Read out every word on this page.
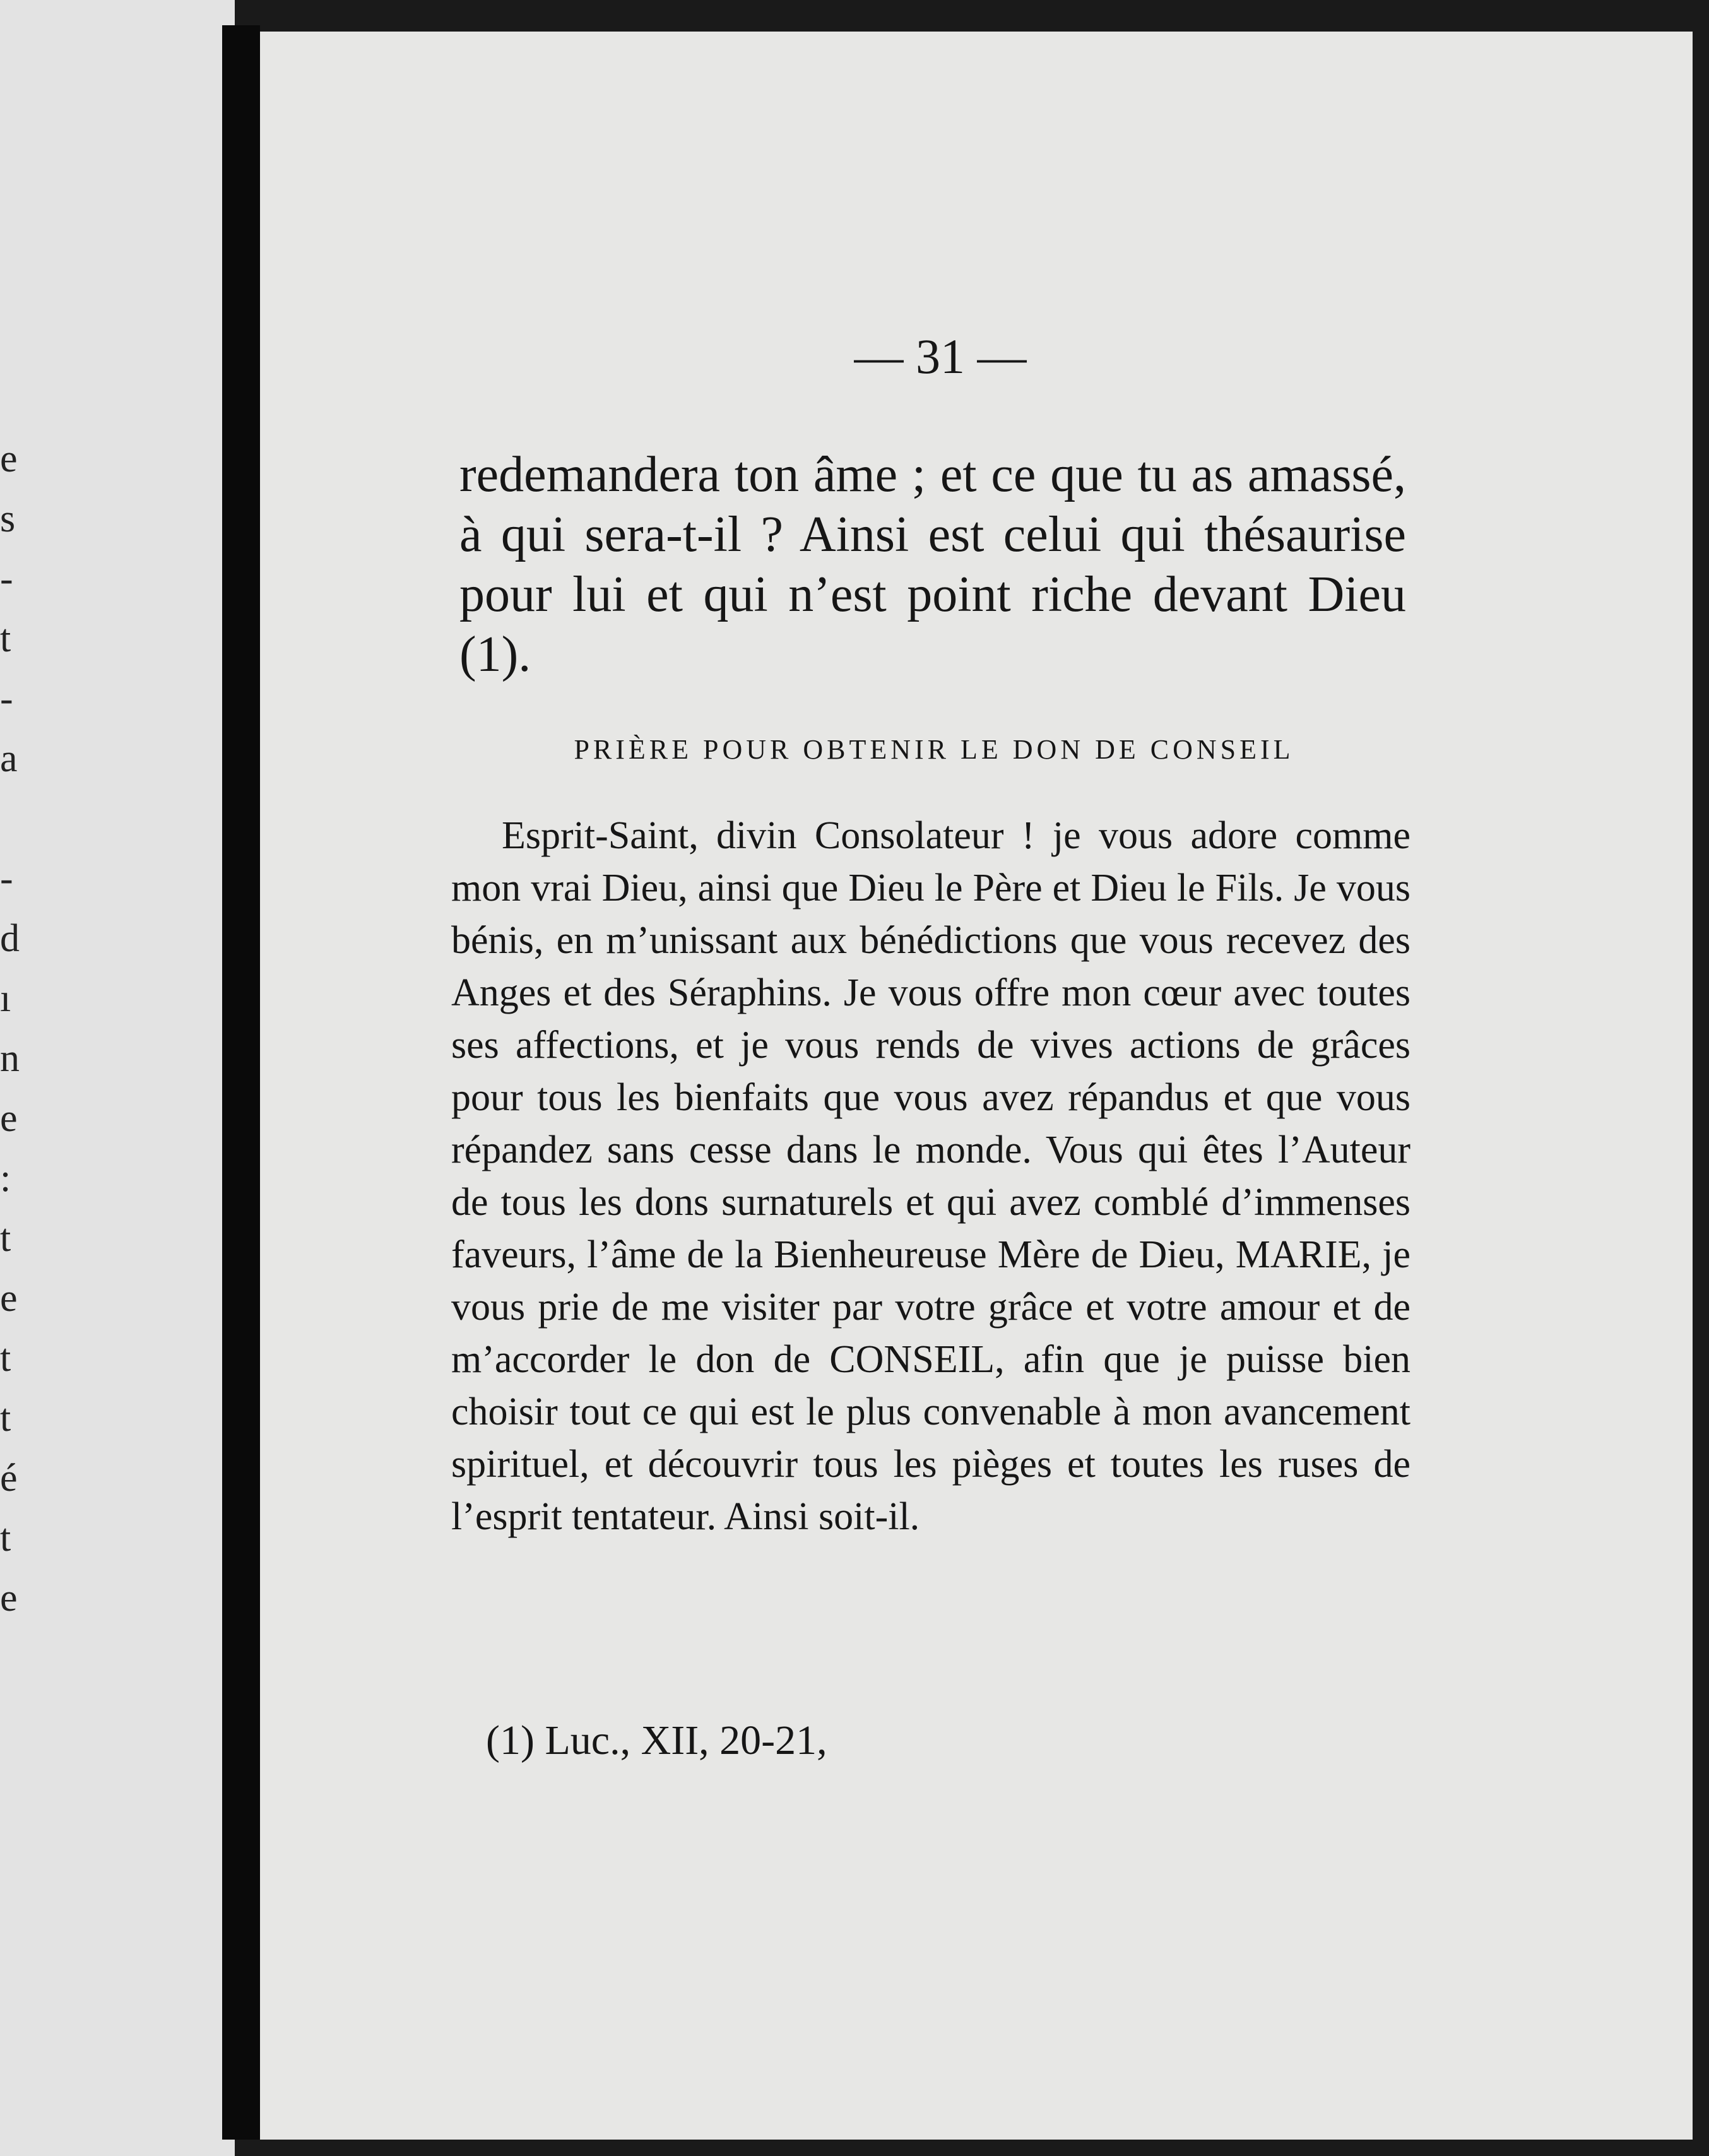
e
s
-
t
-
a

-
d
ı
n
e
:
t
e
t
t
é
t
e
— 31 —

redemandera ton âme ; et ce que tu as amassé, à qui sera-t-il ? Ainsi est celui qui thésaurise pour lui et qui n’est point riche devant Dieu (1).

PRIÈRE POUR OBTENIR LE DON DE CONSEIL

Esprit-Saint, divin Consolateur ! je vous adore comme mon vrai Dieu, ainsi que Dieu le Père et Dieu le Fils. Je vous bénis, en m’unissant aux bénédictions que vous recevez des Anges et des Séraphins. Je vous offre mon cœur avec toutes ses affections, et je vous rends de vives actions de grâces pour tous les bienfaits que vous avez répandus et que vous répandez sans cesse dans le monde. Vous qui êtes l’Auteur de tous les dons surnaturels et qui avez comblé d’immenses faveurs, l’âme de la Bienheureuse Mère de Dieu, MARIE, je vous prie de me visiter par votre grâce et votre amour et de m’accorder le don de CONSEIL, afin que je puisse bien choisir tout ce qui est le plus convenable à mon avancement spirituel, et découvrir tous les pièges et toutes les ruses de l’esprit tentateur. Ainsi soit-il.

(1) Luc., XII, 20-21,
